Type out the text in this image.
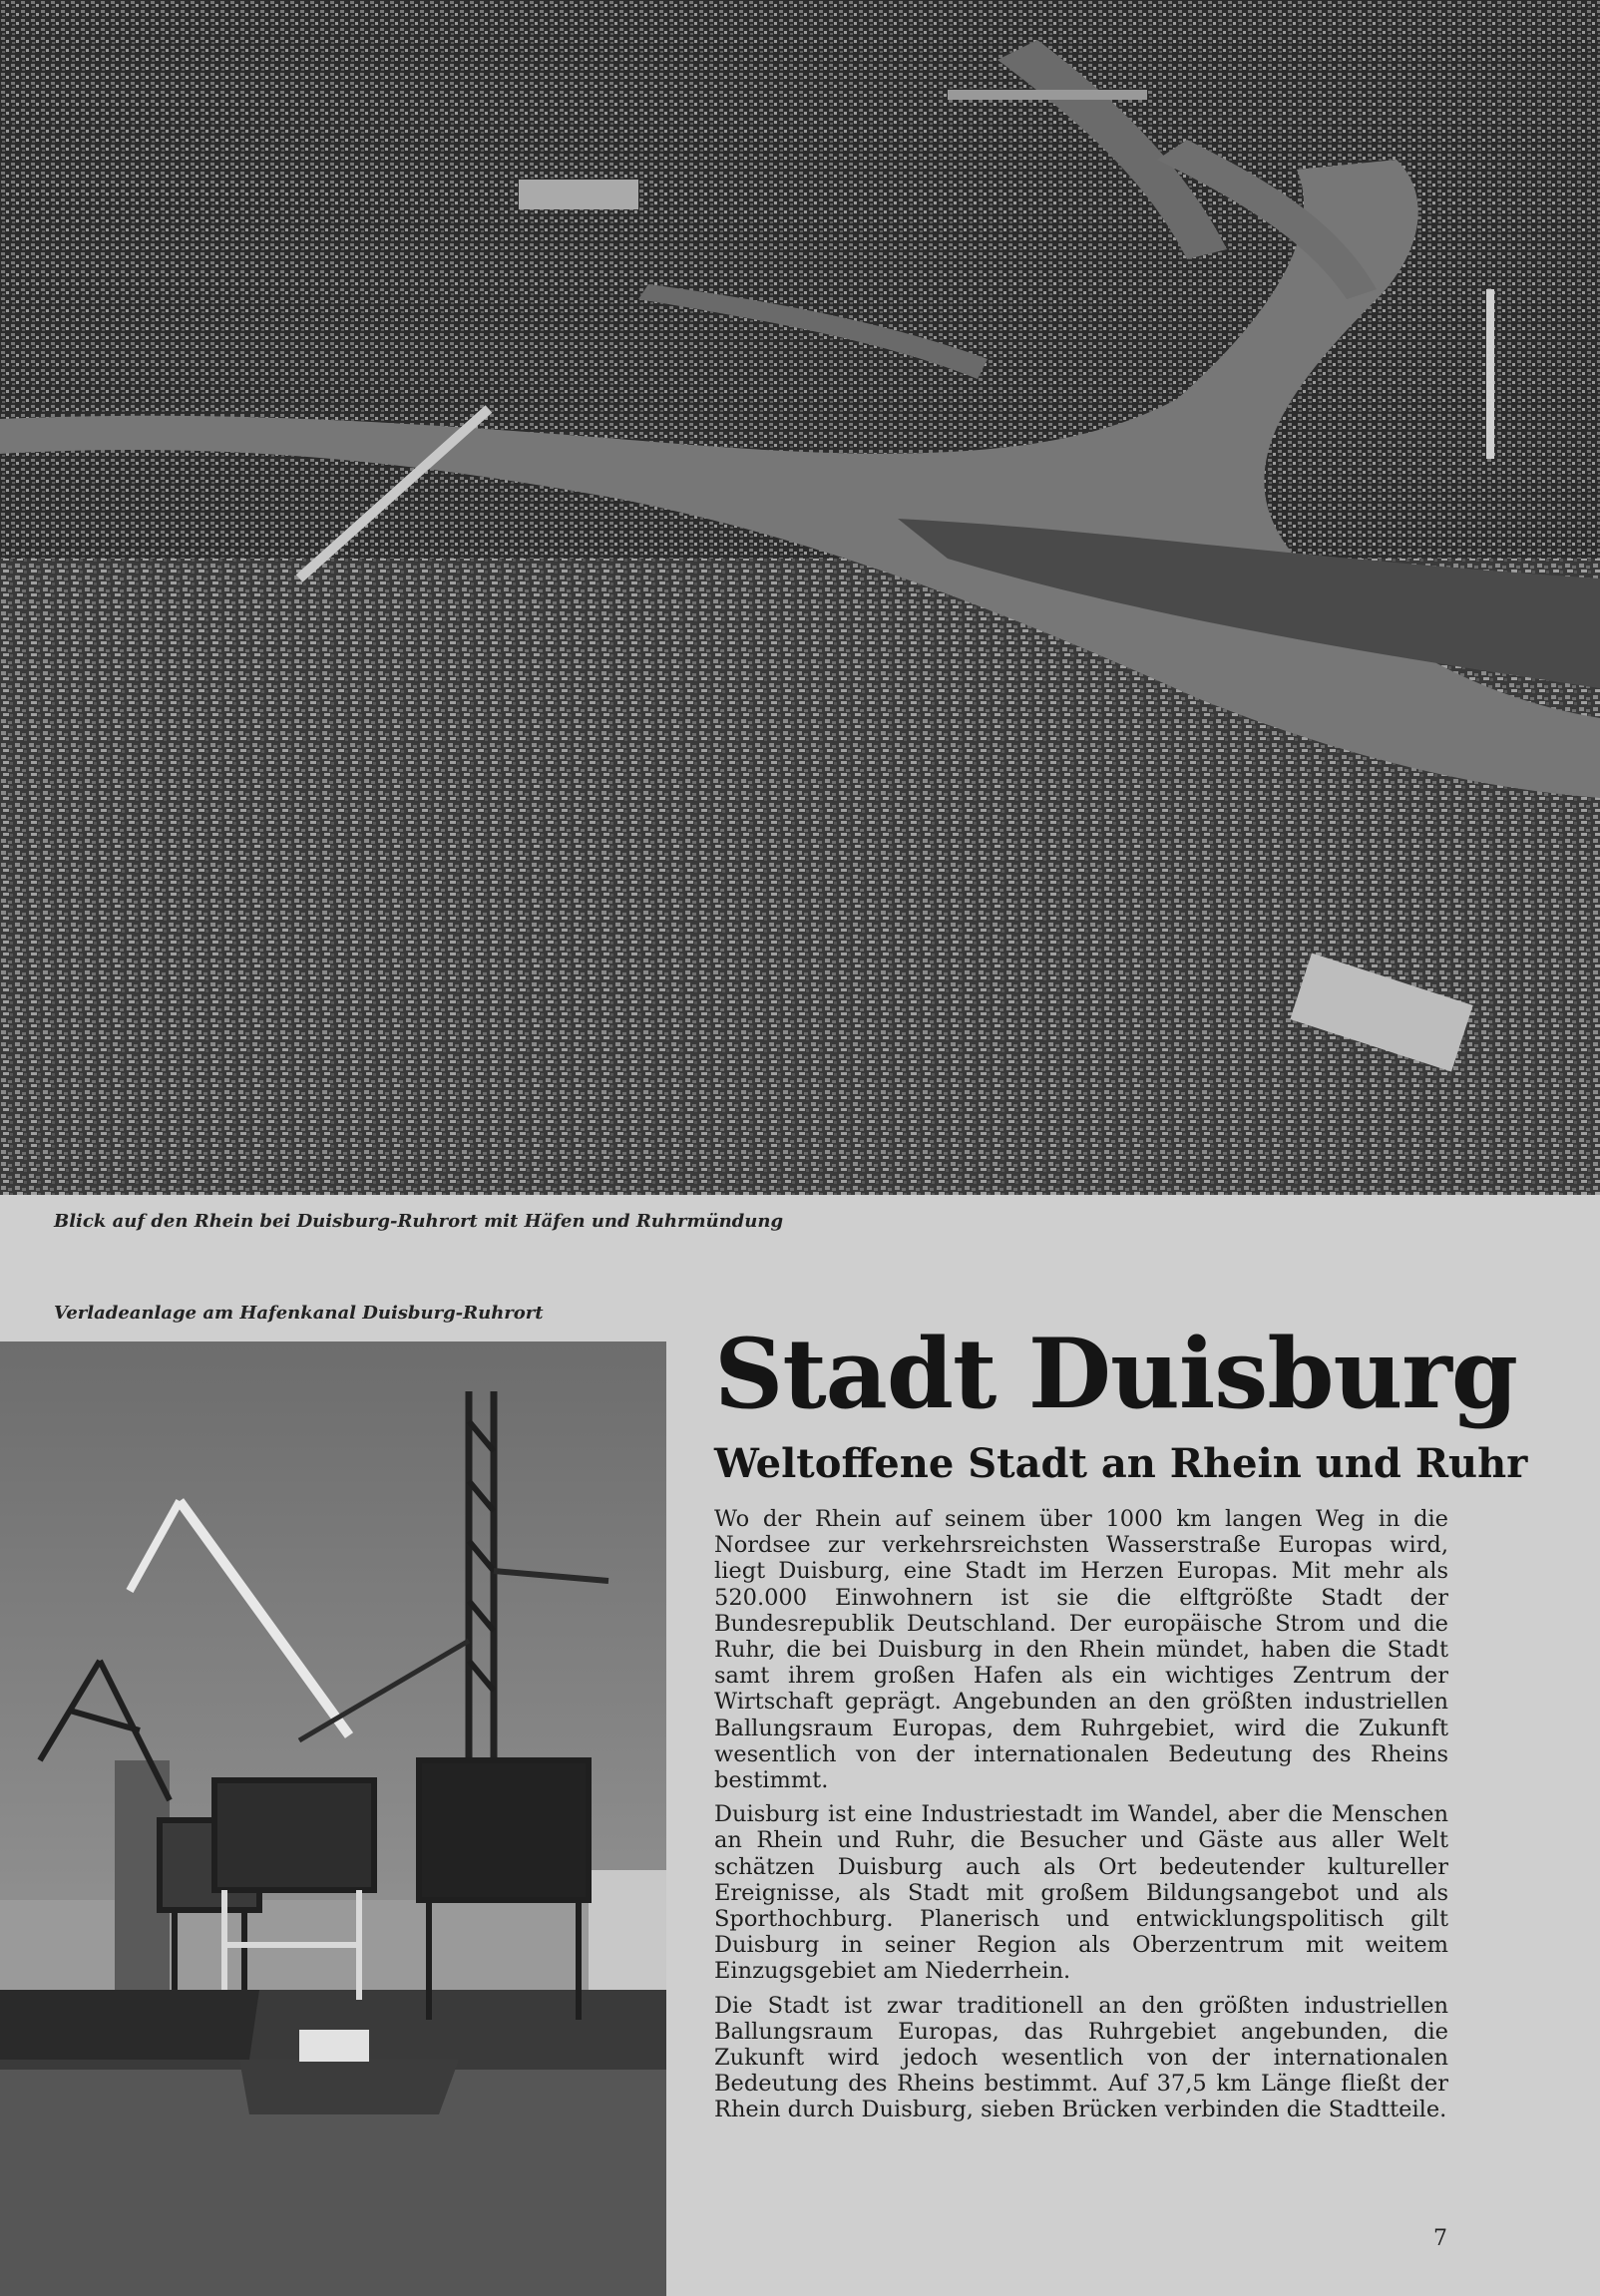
Blick auf den Rhein bei Duisburg-Ruhrort mit Häfen und Ruhrmündung
Verladeanlage am Hafenkanal Duisburg-Ruhrort
Stadt Duisburg
Weltoffene Stadt an Rhein und Ruhr

Wo der Rhein auf seinem über 1000 km langen Weg in die Nordsee zur verkehrsreichsten Wasserstraße Europas wird, liegt Duisburg, eine Stadt im Herzen Europas. Mit mehr als 520.000 Einwohnern ist sie die elftgrößte Stadt der Bundesrepublik Deutschland. Der europäische Strom und die Ruhr, die bei Duisburg in den Rhein mündet, haben die Stadt samt ihrem großen Hafen als ein wichtiges Zentrum der Wirtschaft geprägt. Angebunden an den größten industriellen Ballungsraum Europas, dem Ruhrgebiet, wird die Zukunft wesentlich von der internationalen Bedeutung des Rheins bestimmt.

Duisburg ist eine Industriestadt im Wandel, aber die Menschen an Rhein und Ruhr, die Besucher und Gäste aus aller Welt schätzen Duisburg auch als Ort bedeutender kultureller Ereignisse, als Stadt mit großem Bildungsangebot und als Sporthochburg. Planerisch und entwicklungspolitisch gilt Duisburg in seiner Region als Oberzentrum mit weitem Einzugsgebiet am Niederrhein.

Die Stadt ist zwar traditionell an den größten industriellen Ballungsraum Europas, das Ruhrgebiet angebunden, die Zukunft wird jedoch wesentlich von der internationalen Bedeutung des Rheins bestimmt. Auf 37,5 km Länge fließt der Rhein durch Duisburg, sieben Brücken verbinden die Stadtteile.

7
